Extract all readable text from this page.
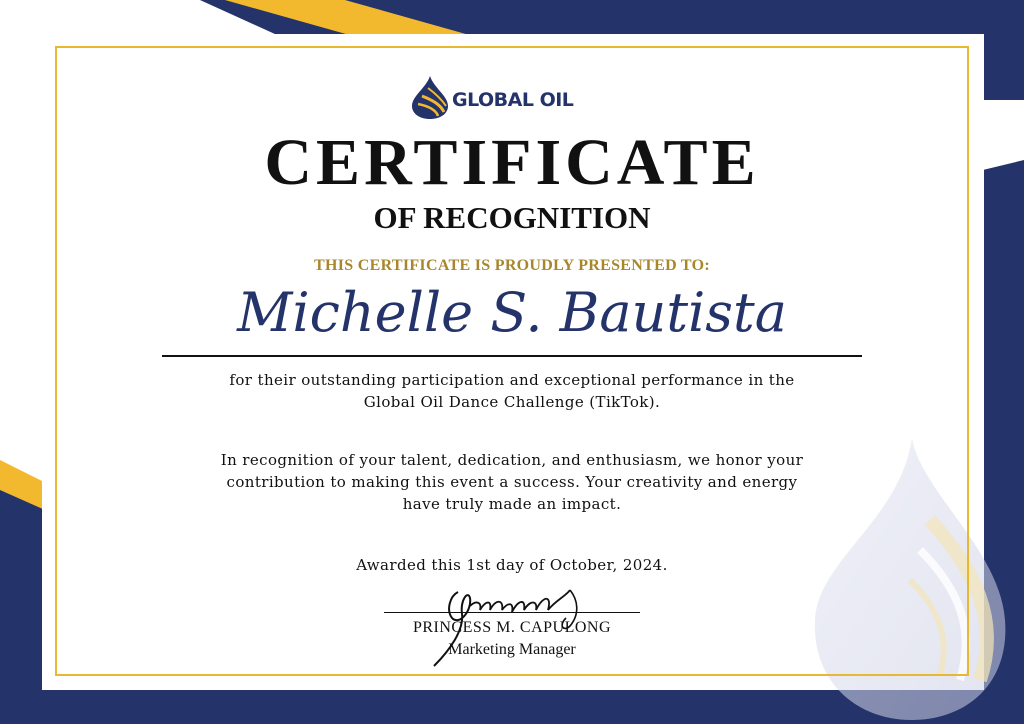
GLOBAL OIL
CERTIFICATE
OF RECOGNITION
THIS CERTIFICATE IS PROUDLY PRESENTED TO:
Michelle S. Bautista
for their outstanding participation and exceptional performance in the
Global Oil Dance Challenge (TikTok).
In recognition of your talent, dedication, and enthusiasm, we honor your
contribution to making this event a success. Your creativity and energy
have truly made an impact.
Awarded this 1st day of October, 2024.
PRINCESS M. CAPULONG
Marketing Manager
